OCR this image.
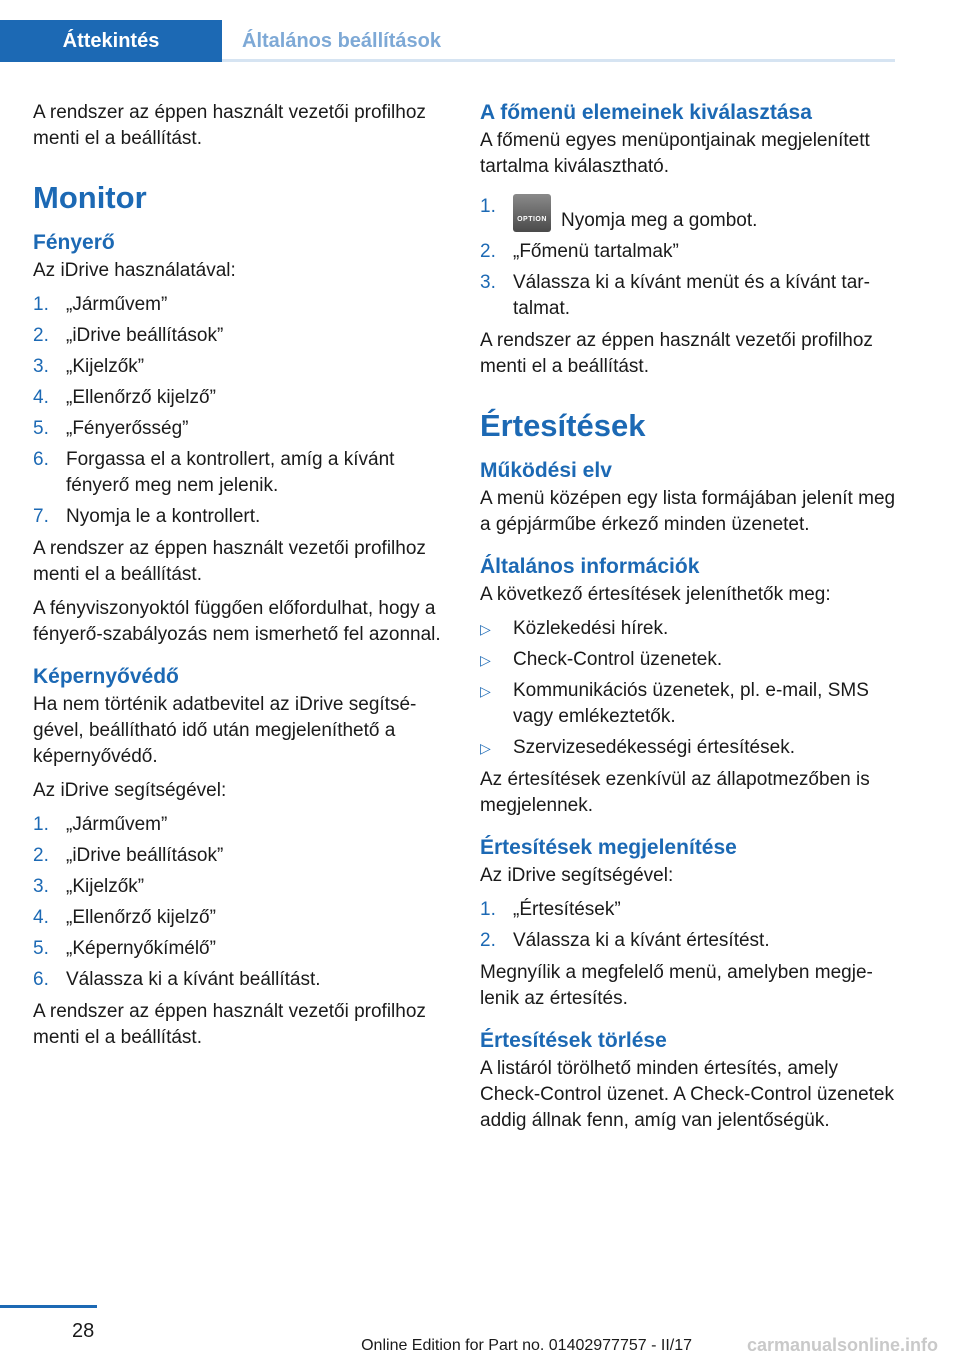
Áttekintés	Általános beállítások

A rendszer az éppen használt vezetői profilhoz menti el a beállítást.

Monitor
Fényerő

Az iDrive használatával:

1. „Járművem”
2. „iDrive beállítások”
3. „Kijelzők”
4. „Ellenőrző kijelző”
5. „Fényerősség”
6. Forgassa el a kontrollert, amíg a kívánt fényerő meg nem jelenik.
7. Nyomja le a kontrollert.

A rendszer az éppen használt vezetői profilhoz menti el a beállítást.

A fényviszonyoktól függően előfordulhat, hogy a fényerő-szabályozás nem ismerhető fel azonnal.

Képernyővédő

Ha nem történik adatbevitel az iDrive segítségével, beállítható idő után megjeleníthető a képernyővédő.

Az iDrive segítségével:

1. „Járművem”
2. „iDrive beállítások”
3. „Kijelzők”
4. „Ellenőrző kijelző”
5. „Képernyőkímélő”
6. Válassza ki a kívánt beállítást.

A rendszer az éppen használt vezetői profilhoz menti el a beállítást.

A főmenü elemeinek kiválasztása

A főmenü egyes menüpontjainak megjelenített tartalma kiválasztható.

1.
OPTION Nyomja meg a gombot.
2. „Főmenü tartalmak”
3. Válassza ki a kívánt menüt és a kívánt tartalmat.

A rendszer az éppen használt vezetői profilhoz menti el a beállítást.

Értesítések
Működési elv

A menü középen egy lista formájában jelenít meg a gépjárműbe érkező minden üzenetet.

Általános információk

A következő értesítések jeleníthetők meg:

▷ Közlekedési hírek.
▷ Check-Control üzenetek.
▷ Kommunikációs üzenetek, pl. e-mail, SMS vagy emlékeztetők.
▷ Szervizesedékességi értesítések.

Az értesítések ezenkívül az állapotmezőben is megjelennek.

Értesítések megjelenítése

Az iDrive segítségével:

1. „Értesítések”
2. Válassza ki a kívánt értesítést.

Megnyílik a megfelelő menü, amelyben megjelenik az értesítés.

Értesítések törlése

A listáról törölhető minden értesítés, amely Check-Control üzenet. A Check-Control üzenetek addig állnak fenn, amíg van jelentőségük.

28
Online Edition for Part no. 01402977757 - II/17	carmanualsonline.info
